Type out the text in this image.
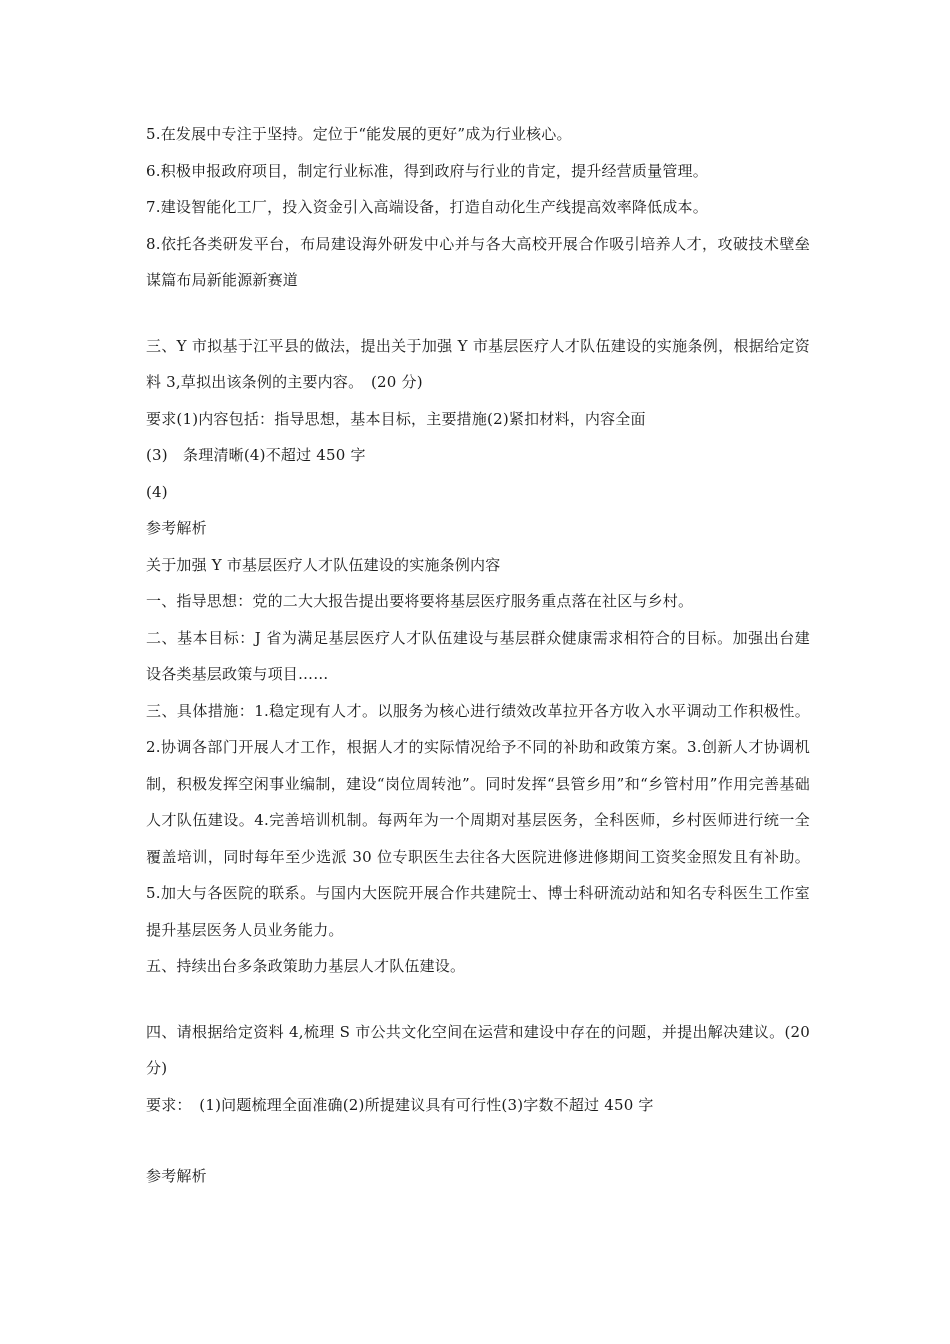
5.在发展中专注于坚持。定位于“能发展的更好”成为行业核心。

6.积极申报政府项目，制定行业标准，得到政府与行业的肯定，提升经营质量管理。

7.建设智能化工厂，投入资金引入高端设备，打造自动化生产线提高效率降低成本。

8.依托各类研发平台，布局建设海外研发中心并与各大高校开展合作吸引培养人才，攻破技术壁垒谋篇布局新能源新赛道

三、Y 市拟基于江平县的做法，提出关于加强 Y 市基层医疗人才队伍建设的实施条例，根据给定资料 3,草拟出该条例的主要内容。　(20 分)

要求(1)内容包括：指导思想，基本目标，主要措施(2)紧扣材料，内容全面

(3)　条理清晰(4)不超过 450 字

(4)

参考解析

关于加强 Y 市基层医疗人才队伍建设的实施条例内容

一、指导思想：党的二大大报告提出要将要将基层医疗服务重点落在社区与乡村。

二、基本目标：J 省为满足基层医疗人才队伍建设与基层群众健康需求相符合的目标。加强出台建设各类基层政策与项目……

三、具体措施：1.稳定现有人才。以服务为核心进行绩效改革拉开各方收入水平调动工作积极性。2.协调各部门开展人才工作，根据人才的实际情况给予不同的补助和政策方案。3.创新人才协调机制，积极发挥空闲事业编制，建设“岗位周转池”。同时发挥“县管乡用”和“乡管村用”作用完善基础人才队伍建设。4.完善培训机制。每两年为一个周期对基层医务，全科医师，乡村医师进行统一全覆盖培训，同时每年至少选派 30 位专职医生去往各大医院进修进修期间工资奖金照发且有补助。5.加大与各医院的联系。与国内大医院开展合作共建院士、博士科研流动站和知名专科医生工作室提升基层医务人员业务能力。

五、持续出台多条政策助力基层人才队伍建设。

四、请根据给定资料 4,梳理 S 市公共文化空间在运营和建设中存在的问题，并提出解决建议。(20 分)

要求：　(1)问题梳理全面准确(2)所提建议具有可行性(3)字数不超过 450 字

参考解析
